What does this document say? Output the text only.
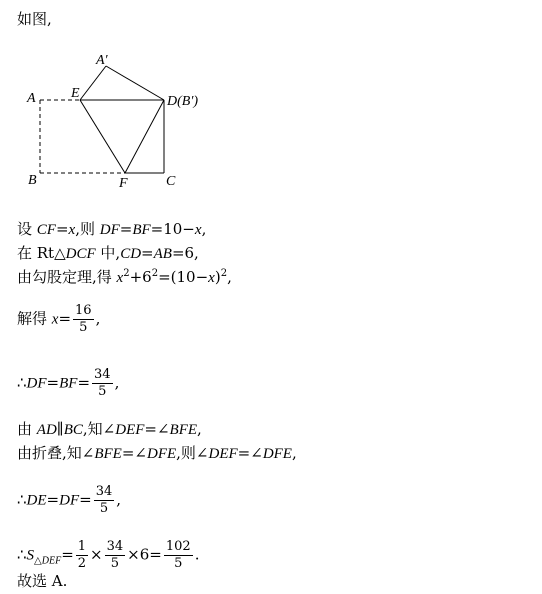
如图,
A′
A	E
D(B′)
B	F	C
设 CF=x,则 DF=BF=10−x,
在 Rt△DCF 中,CD=AB=6,
由勾股定理,得 $x^2+6^2=(10-x)^2$,
解得 $x= \frac{16}{5}$ ,
∴DF=BF= $\frac{34}{5}$ ,
由 AD∥BC,知∠DEF=∠BFE,
由折叠,知∠BFE=∠DFE,则∠DEF=∠DFE,
∴DE=DF= $\frac{34}{5}$ ,
$\therefore S_{\triangle DEF}= \frac{1}{2} \times \frac{34}{5} \times 6= \frac{102}{5}$ .
故选 A.
